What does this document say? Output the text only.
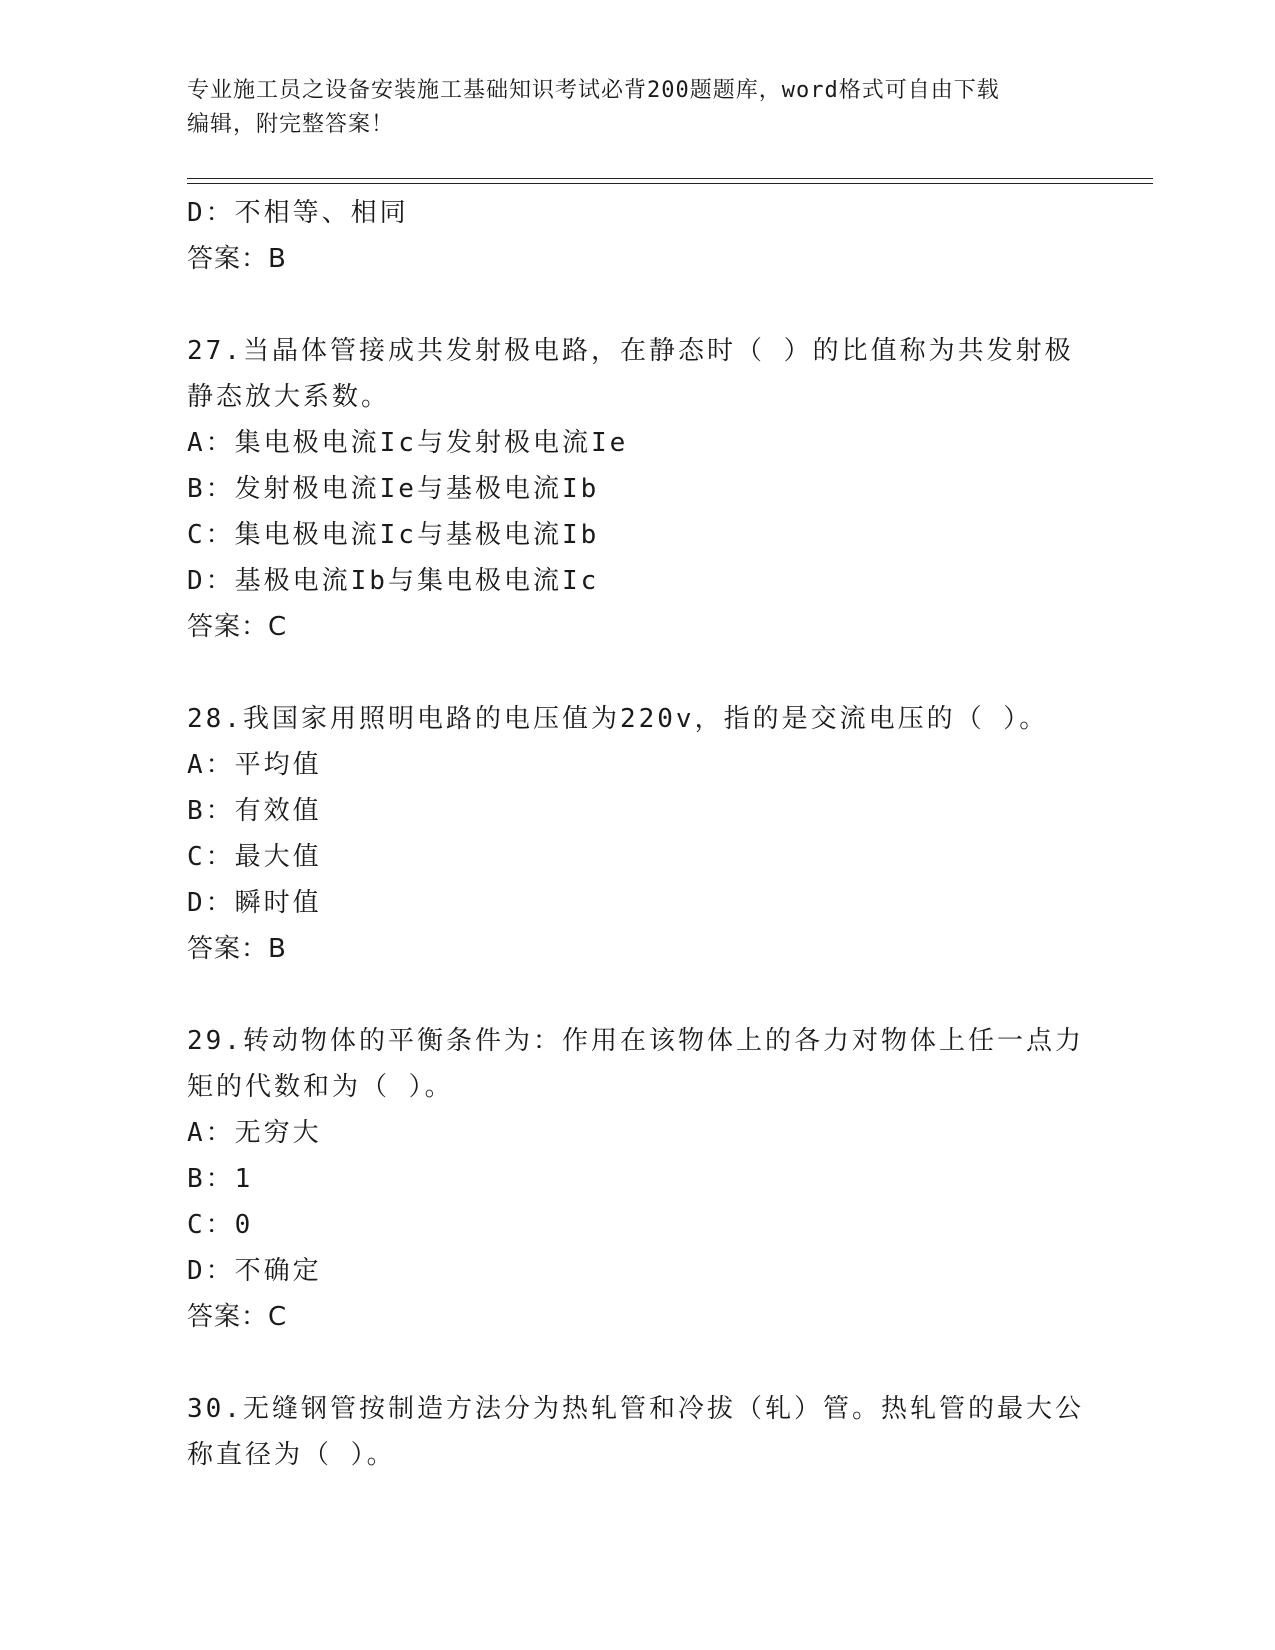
专业施工员之设备安装施工基础知识考试必背200题题库，word格式可自由下载
编辑，附完整答案！
D：不相等、相同
答案：B
27.当晶体管接成共发射极电路，在静态时（ ）的比值称为共发射极
静态放大系数。
A：集电极电流Ic与发射极电流Ie
B：发射极电流Ie与基极电流Ib
C：集电极电流Ic与基极电流Ib
D：基极电流Ib与集电极电流Ic
答案：C
28.我国家用照明电路的电压值为220v，指的是交流电压的（ ）。
A：平均值
B：有效值
C：最大值
D：瞬时值
答案：B
29.转动物体的平衡条件为：作用在该物体上的各力对物体上任一点力
矩的代数和为（ ）。
A：无穷大
B：1
C：0
D：不确定
答案：C
30.无缝钢管按制造方法分为热轧管和冷拔（轧）管。热轧管的最大公
称直径为（ ）。
